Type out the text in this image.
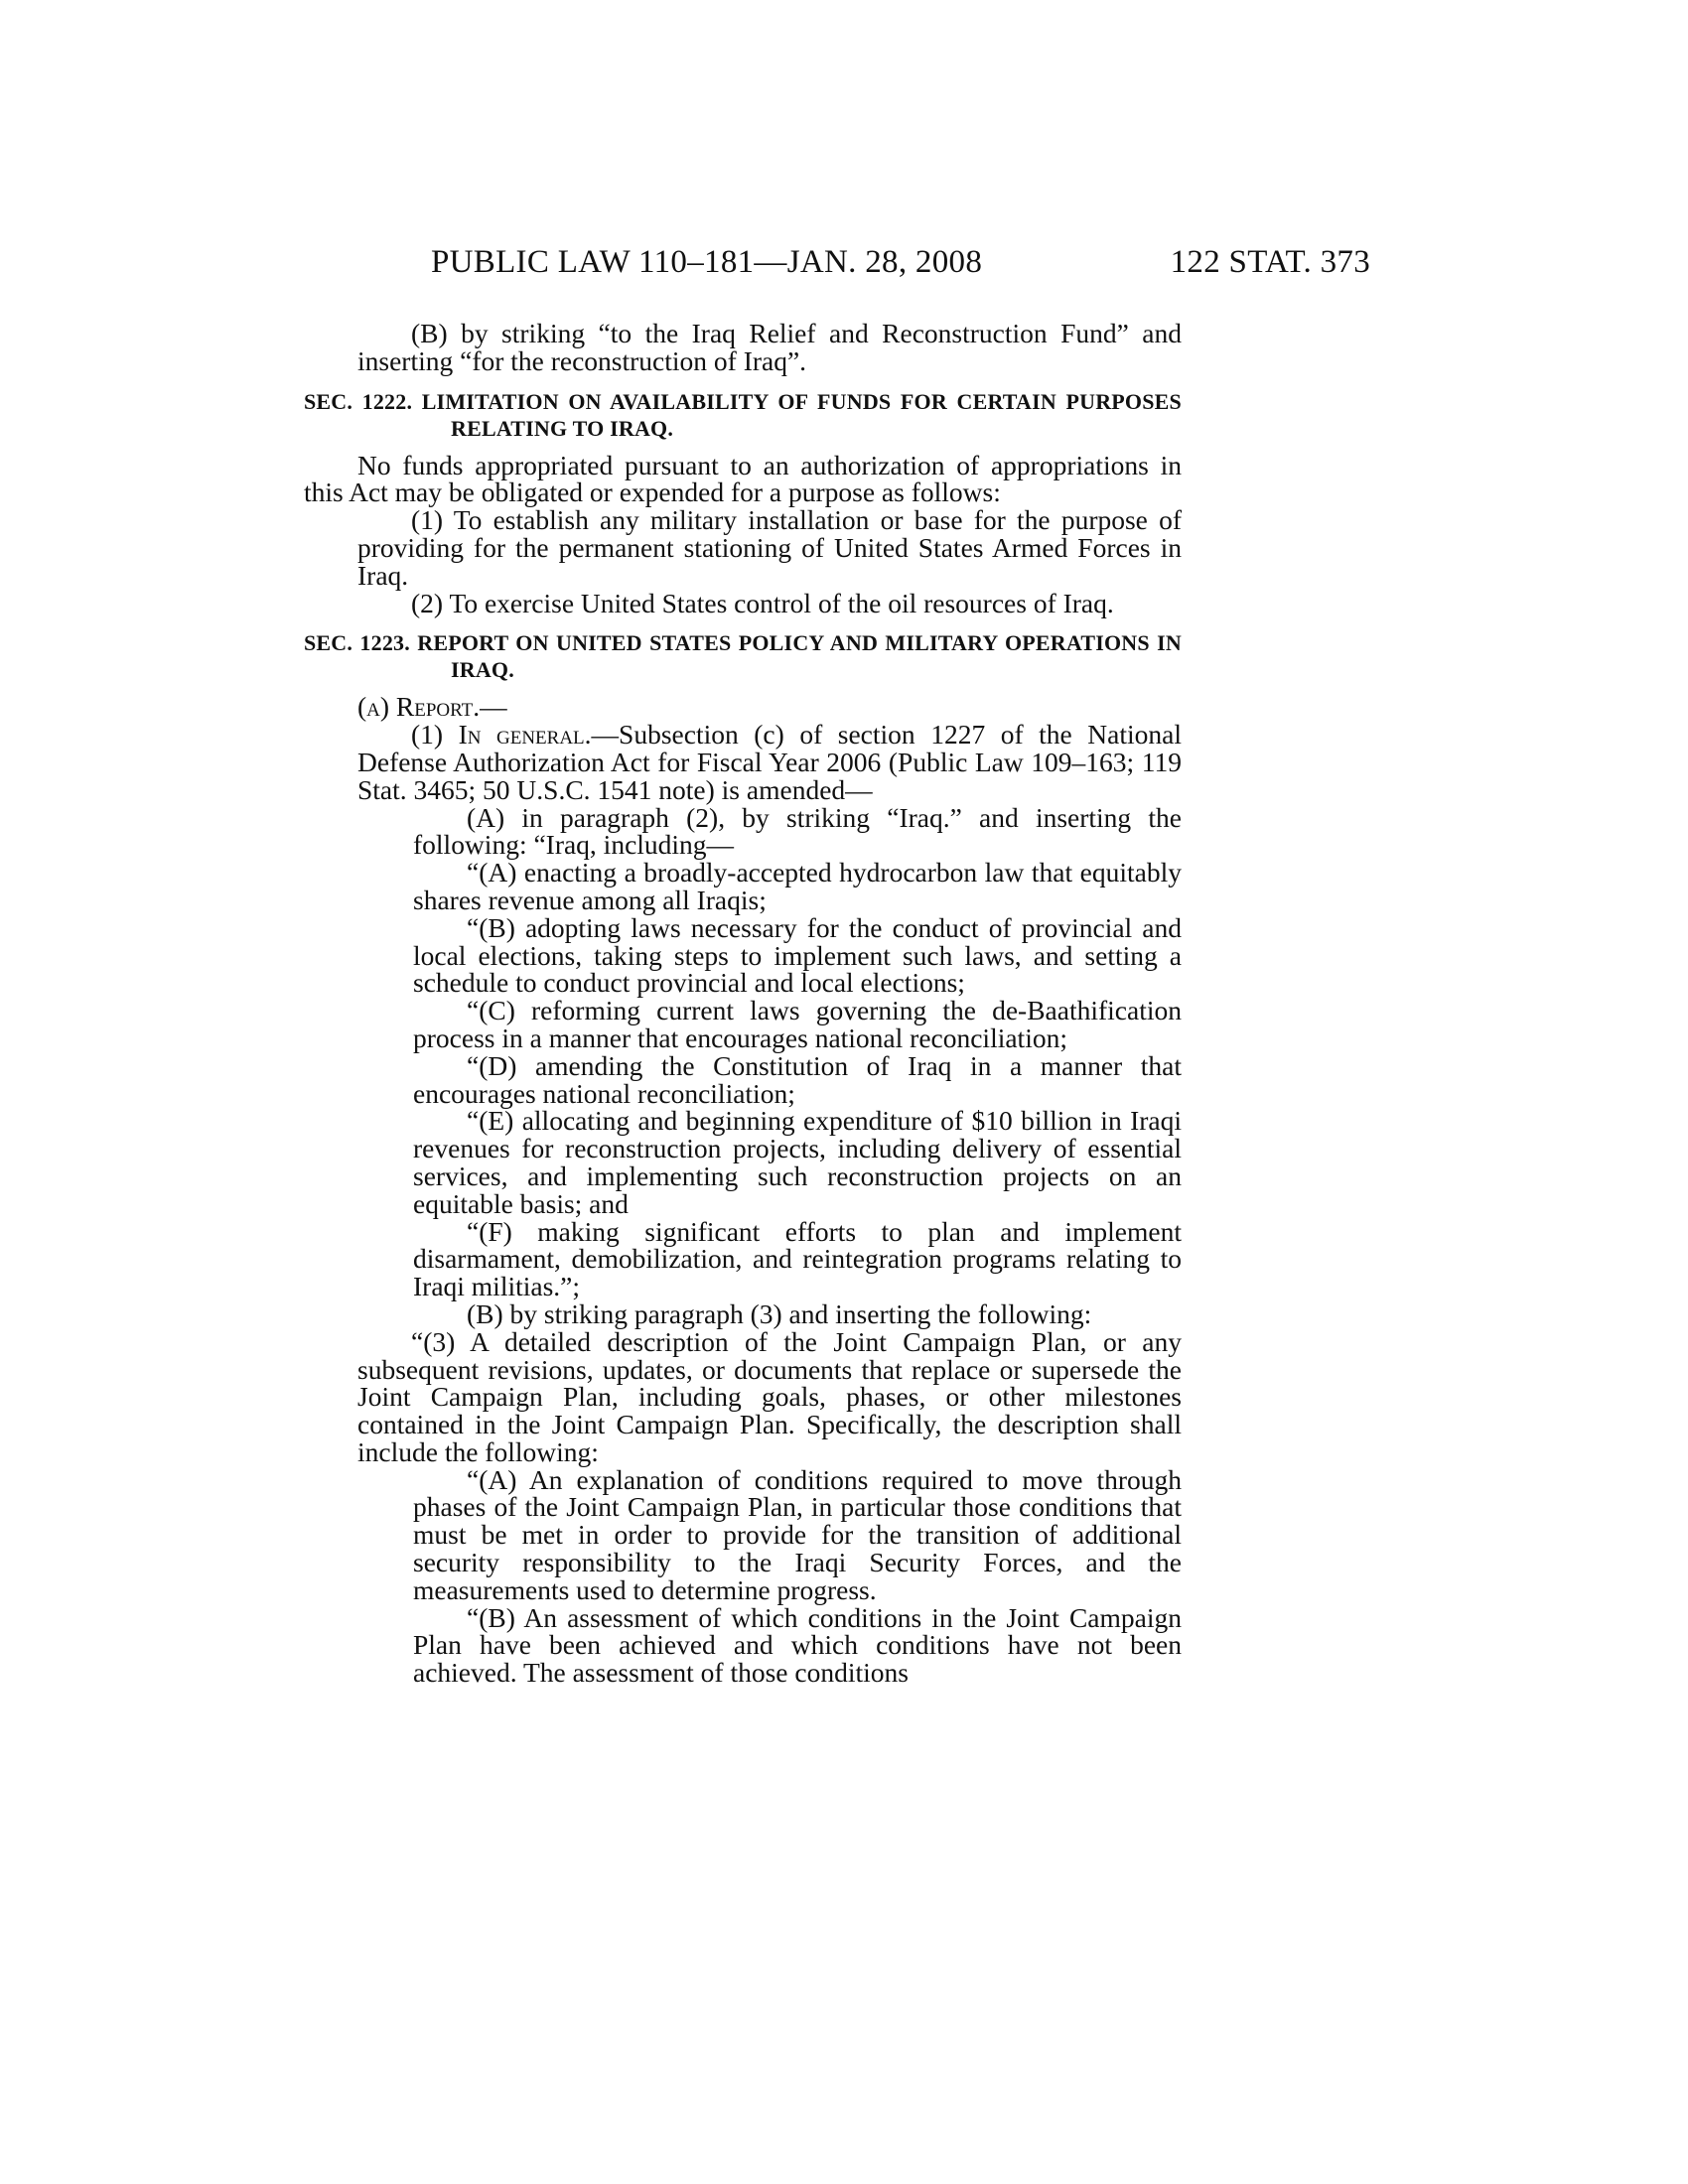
PUBLIC LAW 110–181—JAN. 28, 2008	122 STAT. 373

(B) by striking “to the Iraq Relief and Reconstruction Fund” and inserting “for the reconstruction of Iraq”.

SEC. 1222. LIMITATION ON AVAILABILITY OF FUNDS FOR CERTAIN PURPOSES RELATING TO IRAQ.

No funds appropriated pursuant to an authorization of appropriations in this Act may be obligated or expended for a purpose as follows:

(1) To establish any military installation or base for the purpose of providing for the permanent stationing of United States Armed Forces in Iraq.

(2) To exercise United States control of the oil resources of Iraq.

SEC. 1223. REPORT ON UNITED STATES POLICY AND MILITARY OPERATIONS IN IRAQ.

(a) Report.—

(1) In general.—Subsection (c) of section 1227 of the National Defense Authorization Act for Fiscal Year 2006 (Public Law 109–163; 119 Stat. 3465; 50 U.S.C. 1541 note) is amended—

(A) in paragraph (2), by striking “Iraq.” and inserting the following: “Iraq, including—

“(A) enacting a broadly-accepted hydrocarbon law that equitably shares revenue among all Iraqis;

“(B) adopting laws necessary for the conduct of provincial and local elections, taking steps to implement such laws, and setting a schedule to conduct provincial and local elections;

“(C) reforming current laws governing the de-Baathification process in a manner that encourages national reconciliation;

“(D) amending the Constitution of Iraq in a manner that encourages national reconciliation;

“(E) allocating and beginning expenditure of $10 billion in Iraqi revenues for reconstruction projects, including delivery of essential services, and implementing such reconstruction projects on an equitable basis; and

“(F) making significant efforts to plan and implement disarmament, demobilization, and reintegration programs relating to Iraqi militias.”;

(B) by striking paragraph (3) and inserting the following:

“(3) A detailed description of the Joint Campaign Plan, or any subsequent revisions, updates, or documents that replace or supersede the Joint Campaign Plan, including goals, phases, or other milestones contained in the Joint Campaign Plan. Specifically, the description shall include the following:

“(A) An explanation of conditions required to move through phases of the Joint Campaign Plan, in particular those conditions that must be met in order to provide for the transition of additional security responsibility to the Iraqi Security Forces, and the measurements used to determine progress.

“(B) An assessment of which conditions in the Joint Campaign Plan have been achieved and which conditions have not been achieved. The assessment of those conditions
